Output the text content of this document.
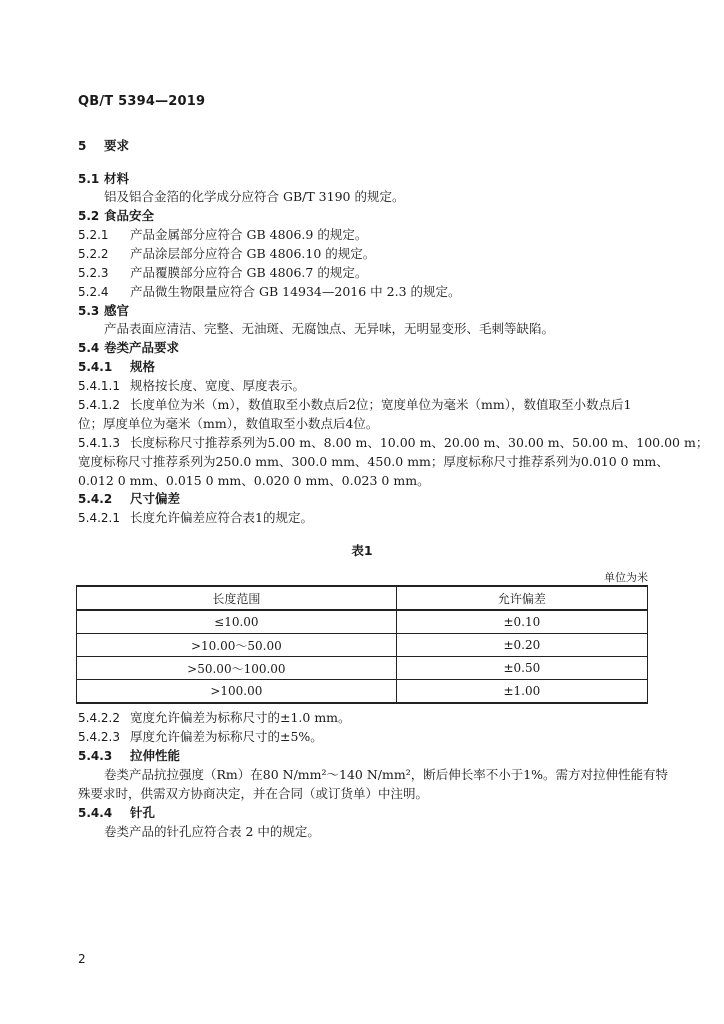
QB/T 5394—2019
5 要求
5.1 材料
铝及铝合金箔的化学成分应符合 GB/T 3190 的规定。
5.2 食品安全
5.2.1 产品金属部分应符合 GB 4806.9 的规定。
5.2.2 产品涂层部分应符合 GB 4806.10 的规定。
5.2.3 产品覆膜部分应符合 GB 4806.7 的规定。
5.2.4 产品微生物限量应符合 GB 14934—2016 中 2.3 的规定。
5.3 感官
产品表面应清洁、完整、无油斑、无腐蚀点、无异味，无明显变形、毛刺等缺陷。
5.4 卷类产品要求
5.4.1 规格
5.4.1.1 规格按长度、宽度、厚度表示。
5.4.1.2 长度单位为米（m），数值取至小数点后2位；宽度单位为毫米（mm），数值取至小数点后1
位；厚度单位为毫米（mm），数值取至小数点后4位。
5.4.1.3 长度标称尺寸推荐系列为5.00 m、8.00 m、10.00 m、20.00 m、30.00 m、50.00 m、100.00 m；
宽度标称尺寸推荐系列为250.0 mm、300.0 mm、450.0 mm；厚度标称尺寸推荐系列为0.010 0 mm、
0.012 0 mm、0.015 0 mm、0.020 0 mm、0.023 0 mm。
5.4.2 尺寸偏差
5.4.2.1 长度允许偏差应符合表1的规定。
表1
单位为米
长度范围	允许偏差
≤10.00	±0.10
>10.00～50.00	±0.20
>50.00～100.00	±0.50
>100.00	±1.00
5.4.2.2 宽度允许偏差为标称尺寸的±1.0 mm。
5.4.2.3 厚度允许偏差为标称尺寸的±5%。
5.4.3 拉伸性能
卷类产品抗拉强度（Rm）在80 N/mm²～140 N/mm²，断后伸长率不小于1%。需方对拉伸性能有特
殊要求时，供需双方协商决定，并在合同（或订货单）中注明。
5.4.4 针孔
卷类产品的针孔应符合表 2 中的规定。
2
